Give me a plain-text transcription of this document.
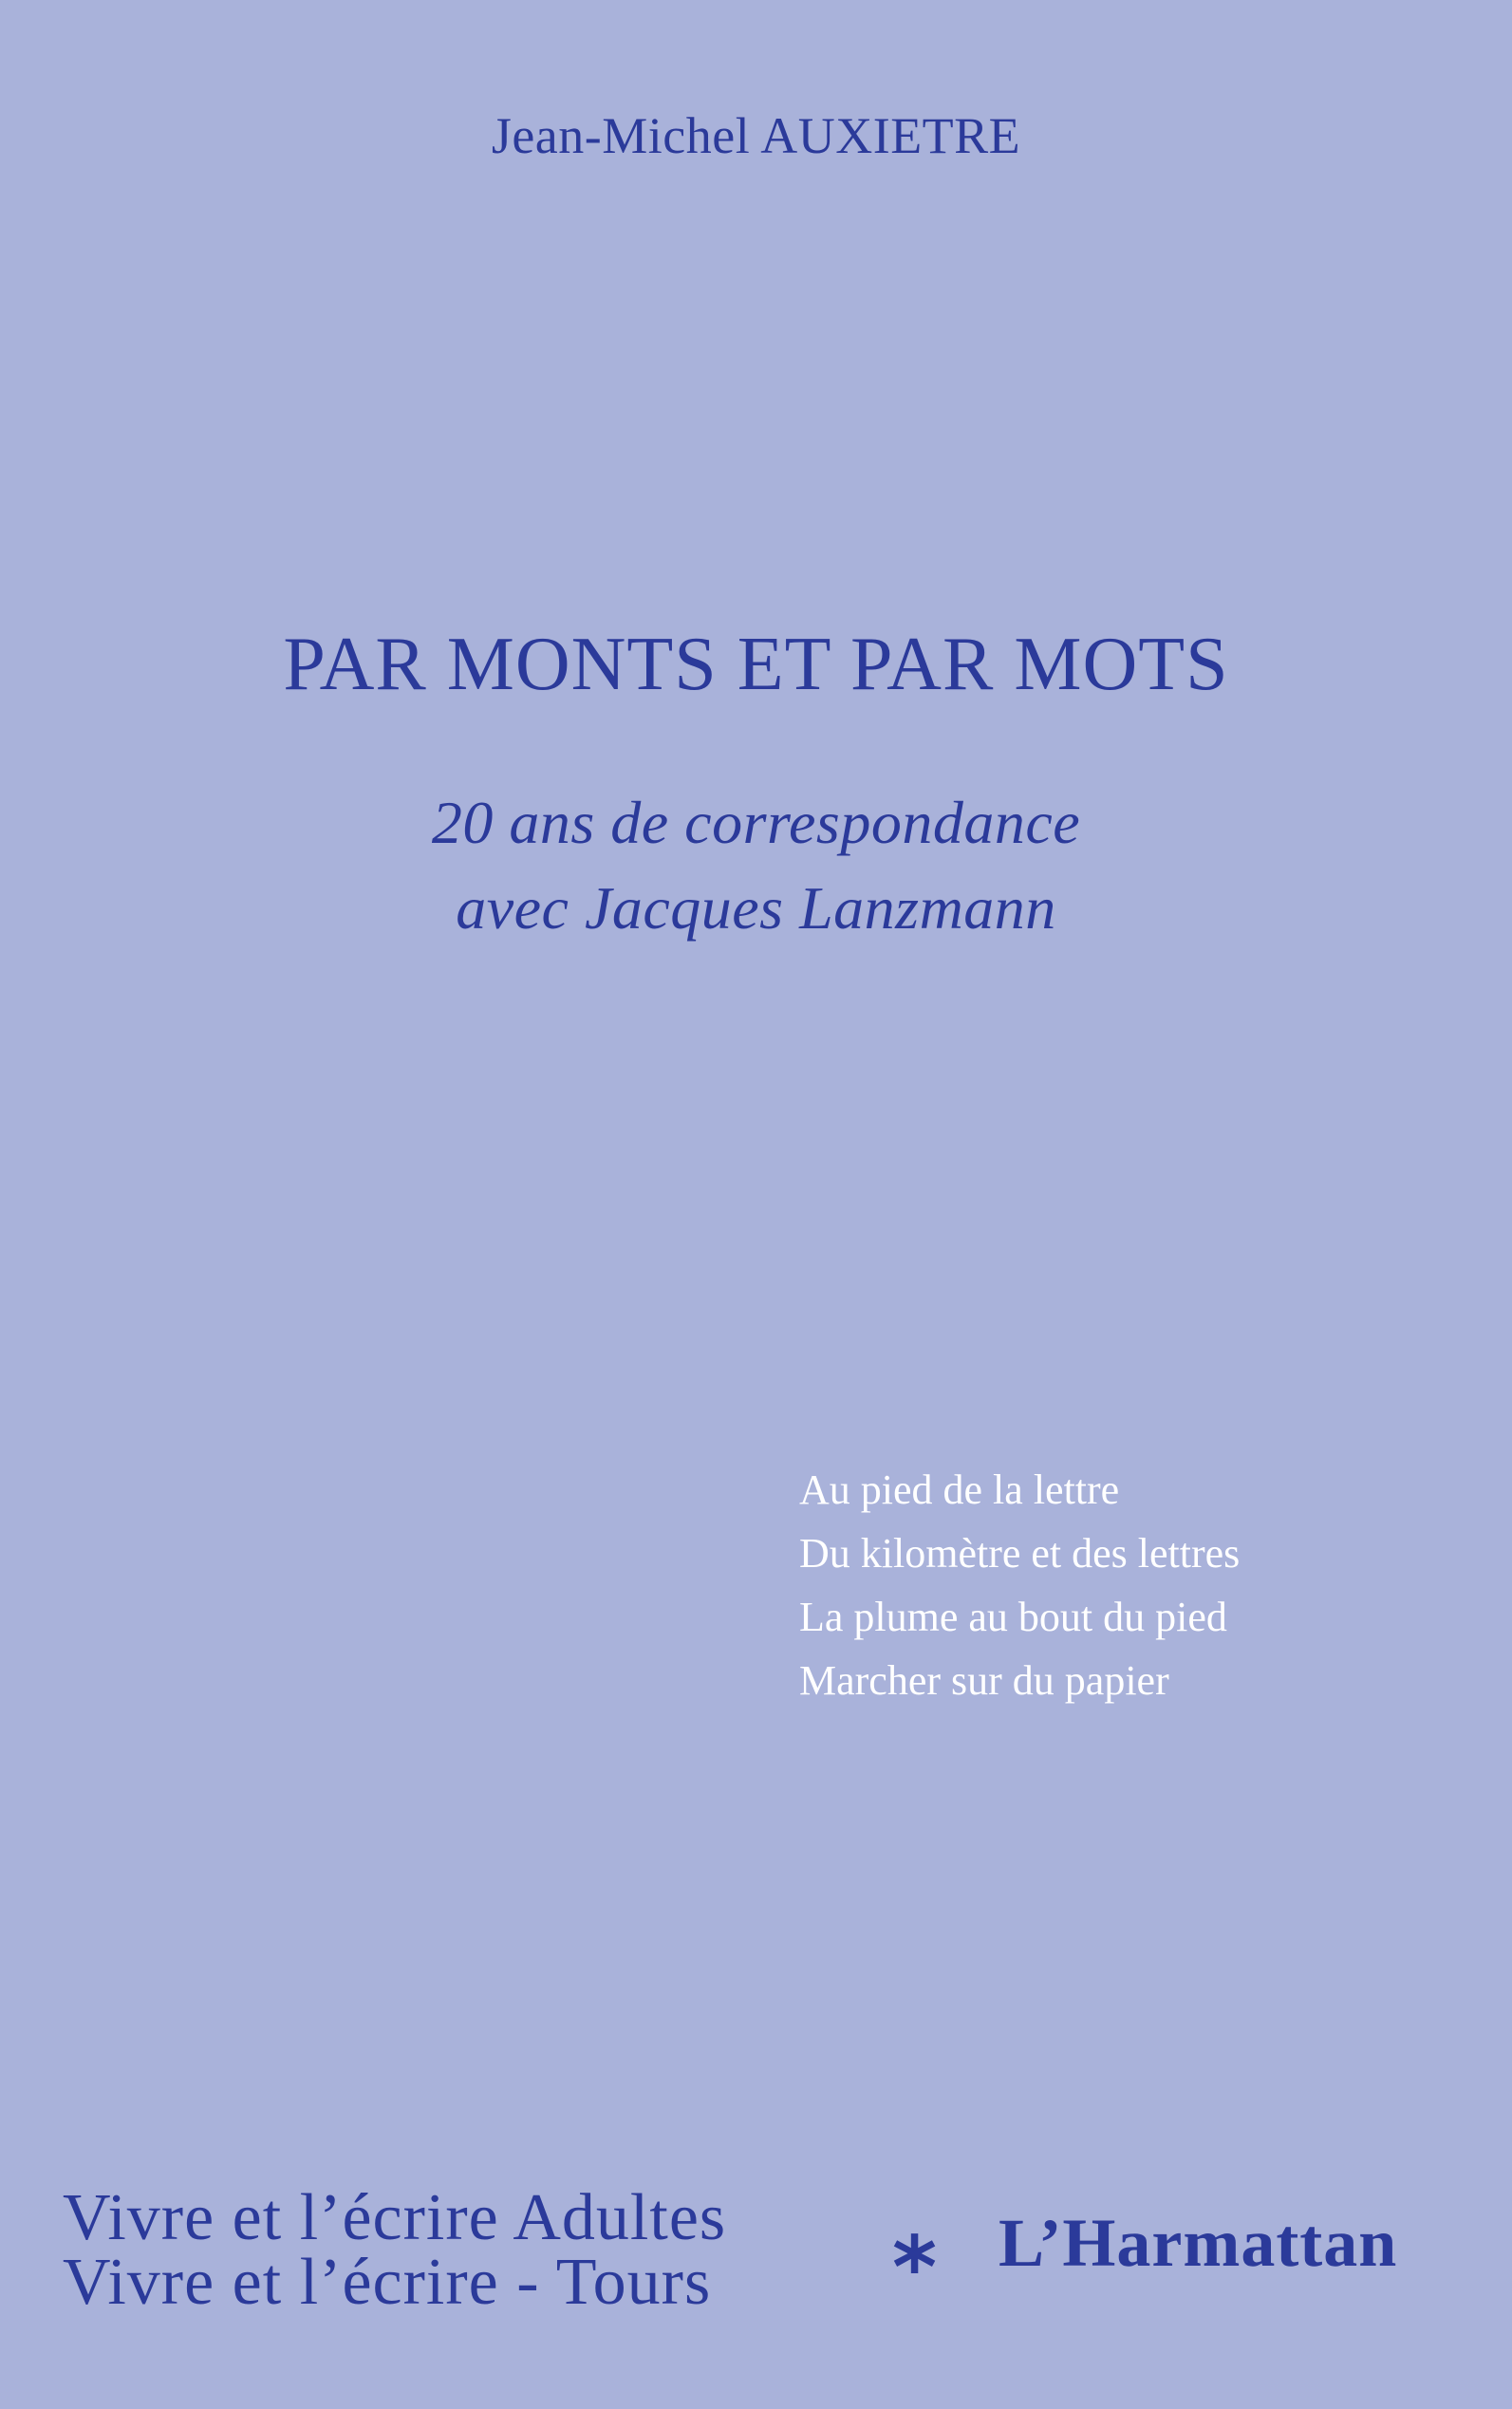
Jean-Michel AUXIETRE
PAR MONTS ET PAR MOTS
20 ans de correspondance
avec Jacques Lanzmann
Au pied de la lettre
Du kilomètre et des lettres
La plume au bout du pied
Marcher sur du papier
Vivre et l’écrire Adultes
Vivre et l’écrire - Tours * L’Harmattan
